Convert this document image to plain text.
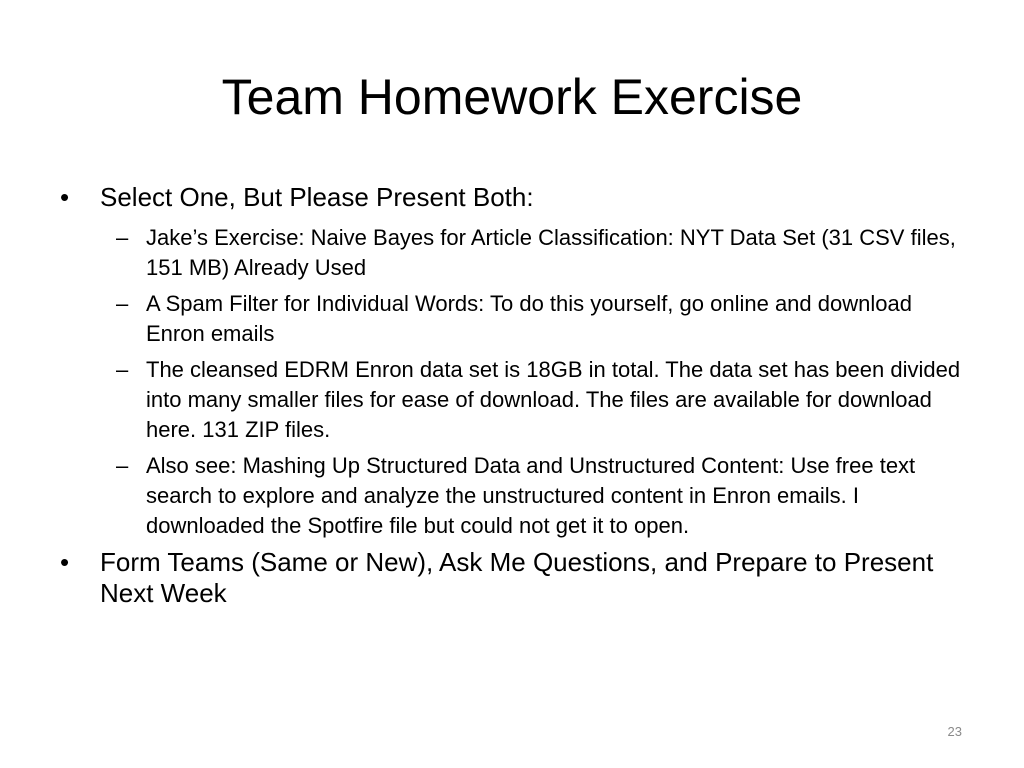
Team Homework Exercise
• Select One, But Please Present Both:
– Jake’s Exercise: Naive Bayes for Article Classification: NYT Data Set (31 CSV files, 151 MB) Already Used
– A Spam Filter for Individual Words: To do this yourself, go online and download Enron emails
– The cleansed EDRM Enron data set is 18GB in total. The data set has been divided into many smaller files for ease of download. The files are available for download here. 131 ZIP files.
– Also see: Mashing Up Structured Data and Unstructured Content: Use free text search to explore and analyze the unstructured content in Enron emails. I downloaded the Spotfire file but could not get it to open.
• Form Teams (Same or New), Ask Me Questions, and Prepare to Present Next Week
23
